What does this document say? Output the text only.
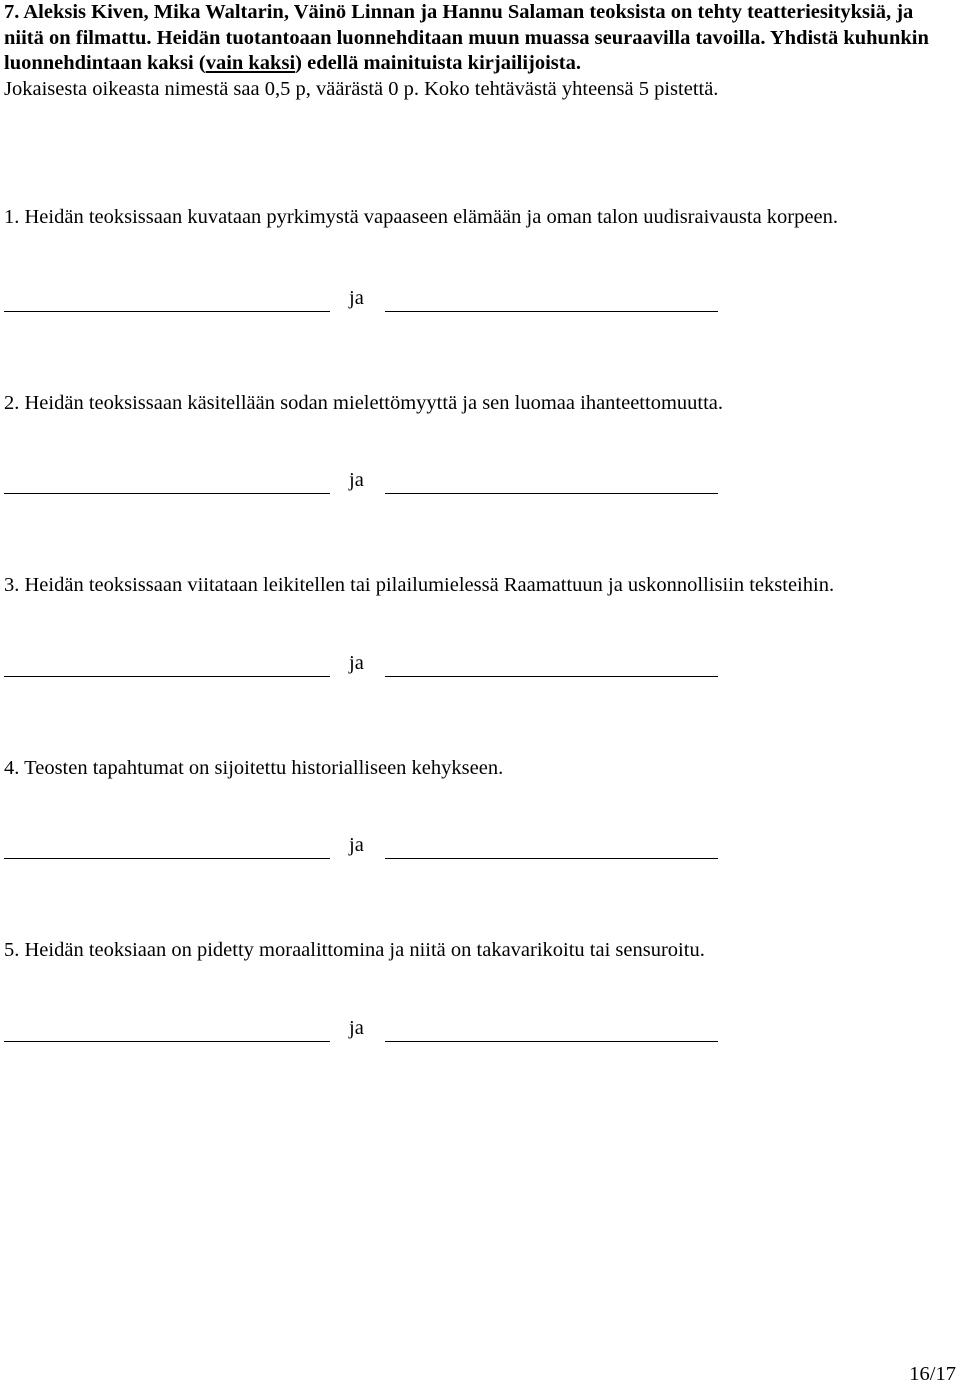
7. Aleksis Kiven, Mika Waltarin, Väinö Linnan ja Hannu Salaman teoksista on tehty teatteriesityksiä, ja niitä on filmattu. Heidän tuotantoaan luonnehditaan muun muassa seuraavilla tavoilla. Yhdistä kuhunkin luonnehdintaan kaksi (vain kaksi) edellä mainituista kirjailijoista.
Jokaisesta oikeasta nimestä saa 0,5 p, väärästä 0 p. Koko tehtävästä yhteensä 5 pistettä.
1. Heidän teoksissaan kuvataan pyrkimystä vapaaseen elämään ja oman talon uudisraivausta korpeen.
ja
2. Heidän teoksissaan käsitellään sodan mielettömyyttä ja sen luomaa ihanteettomuutta.
ja
3. Heidän teoksissaan viitataan leikitellen tai pilailumielessä Raamattuun ja uskonnollisiin teksteihin.
ja
4. Teosten tapahtumat on sijoitettu historialliseen kehykseen.
ja
5. Heidän teoksiaan on pidetty moraalittomina ja niitä on takavarikoitu tai sensuroitu.
ja
16/17
